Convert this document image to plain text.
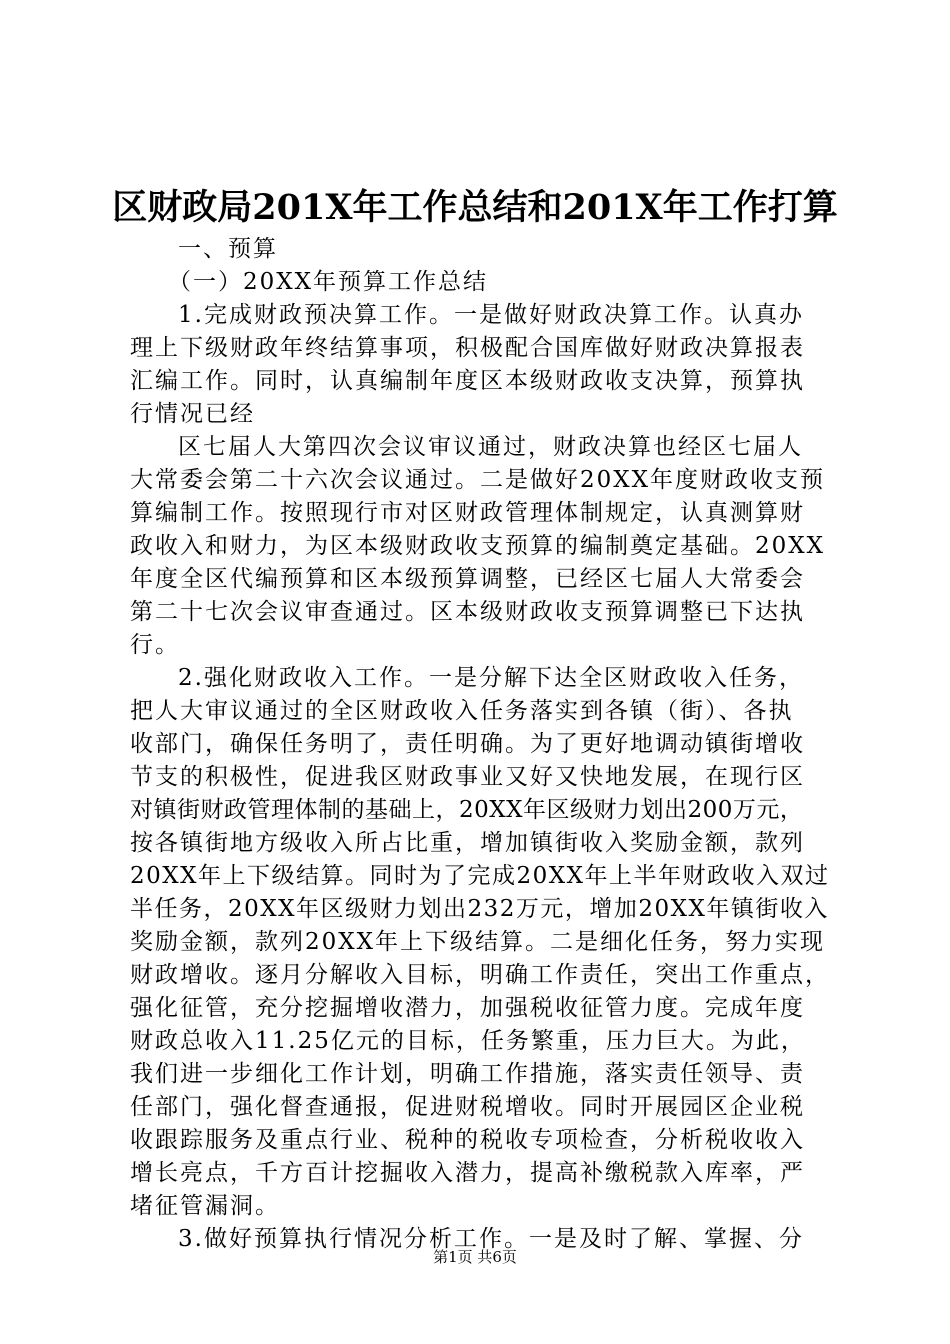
区财政局201X年工作总结和201X年工作打算
一、预算
（一）20XX年预算工作总结
1.完成财政预决算工作。一是做好财政决算工作。认真办
理上下级财政年终结算事项，积极配合国库做好财政决算报表
汇编工作。同时，认真编制年度区本级财政收支决算，预算执
行情况已经
区七届人大第四次会议审议通过，财政决算也经区七届人
大常委会第二十六次会议通过。二是做好20XX年度财政收支预
算编制工作。按照现行市对区财政管理体制规定，认真测算财
政收入和财力，为区本级财政收支预算的编制奠定基础。20XX
年度全区代编预算和区本级预算调整，已经区七届人大常委会
第二十七次会议审查通过。区本级财政收支预算调整已下达执
行。
2.强化财政收入工作。一是分解下达全区财政收入任务，
把人大审议通过的全区财政收入任务落实到各镇（街）、各执
收部门，确保任务明了，责任明确。为了更好地调动镇街增收
节支的积极性，促进我区财政事业又好又快地发展，在现行区
对镇街财政管理体制的基础上，20XX年区级财力划出200万元，
按各镇街地方级收入所占比重，增加镇街收入奖励金额，款列
20XX年上下级结算。同时为了完成20XX年上半年财政收入双过
半任务，20XX年区级财力划出232万元，增加20XX年镇街收入
奖励金额，款列20XX年上下级结算。二是细化任务，努力实现
财政增收。逐月分解收入目标，明确工作责任，突出工作重点，
强化征管，充分挖掘增收潜力，加强税收征管力度。完成年度
财政总收入11.25亿元的目标，任务繁重，压力巨大。为此，
我们进一步细化工作计划，明确工作措施，落实责任领导、责
任部门，强化督查通报，促进财税增收。同时开展园区企业税
收跟踪服务及重点行业、税种的税收专项检查，分析税收收入
增长亮点，千方百计挖掘收入潜力，提高补缴税款入库率，严
堵征管漏洞。
3.做好预算执行情况分析工作。一是及时了解、掌握、分
第1页 共6页
